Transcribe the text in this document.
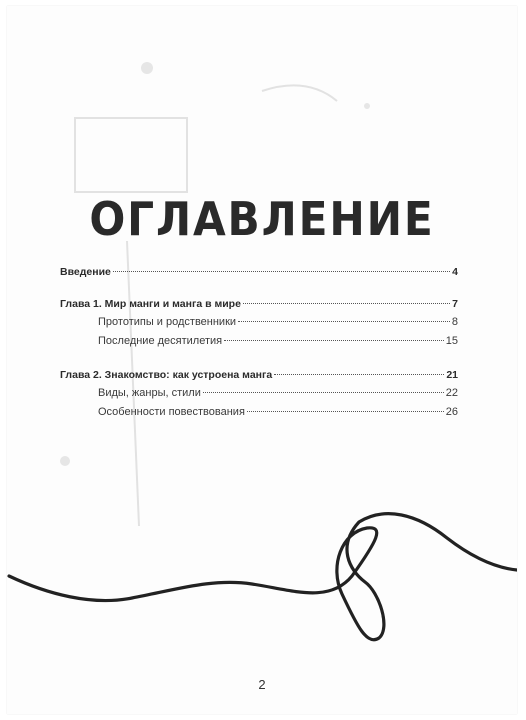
ОГЛАВЛЕНИЕ
Введение	4
Глава 1. Мир манги и манга в мире	7
Прототипы и родственники	8
Последние десятилетия	15
Глава 2. Знакомство: как устроена манга	21
Виды, жанры, стили	22
Особенности повествования	26
2
